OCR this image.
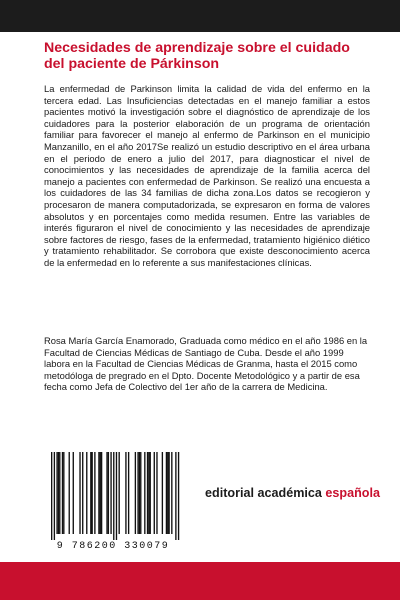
Necesidades de aprendizaje sobre el cuidado del paciente de Párkinson

La enfermedad de Parkinson limita la calidad de vida del enfermo en la tercera edad. Las Insuficiencias detectadas en el manejo familiar a estos pacientes motivó la investigación sobre el diagnóstico de aprendizaje de los cuidadores para la posterior elaboración de un programa de orientación familiar para favorecer el manejo al enfermo de Parkinson en el municipio Manzanillo, en el año 2017Se realizó un estudio descriptivo en el área urbana en el periodo de enero a julio del 2017, para diagnosticar el nivel de conocimientos y las necesidades de aprendizaje de la familia acerca del manejo a pacientes con enfermedad de Parkinson. Se realizó una encuesta a los cuidadores de las 34 familias de dicha zona.Los datos se recogieron y procesaron de manera computadorizada, se expresaron en forma de valores absolutos y en porcentajes como medida resumen. Entre las variables de interés figuraron el nivel de conocimiento y las necesidades de aprendizaje sobre factores de riesgo, fases de la enfermedad, tratamiento higiénico diético y tratamiento rehabilitador. Se corrobora que existe desconocimiento acerca de la enfermedad en lo referente a sus manifestaciones clínicas.

Rosa María García Enamorado, Graduada como médico en el año 1986 en la Facultad de Ciencias Médicas de Santiago de Cuba. Desde el año 1999 labora en la Facultad de Ciencias Médicas de Granma, hasta el 2015 como metodóloga de pregrado en el Dpto. Docente Metodológico y a partir de esa fecha como Jefa de Colectivo del 1er año de la carrera de Medicina.

9 786200 330079
editorial académica española
